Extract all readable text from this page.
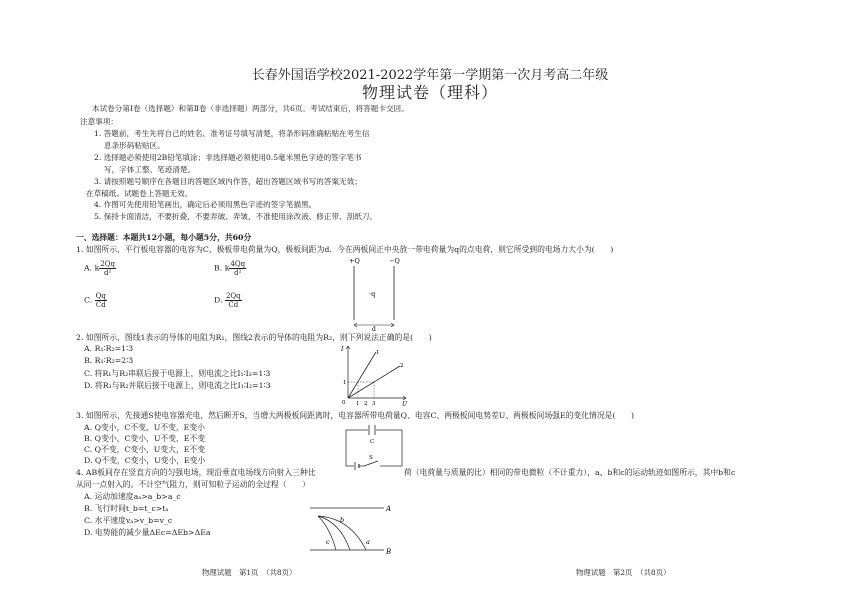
长春外国语学校2021-2022学年第一学期第一次月考高二年级
物理试卷（理科）
本试卷分第Ⅰ卷（选择题）和第Ⅱ卷（非选择题）两部分，共6页。考试结束后，将答题卡交回。
注意事项：
1. 答题前，考生先将自己的姓名、准考证号填写清楚，将条形码准确粘贴在考生信
息条形码粘贴区。
2. 选择题必须使用2B铅笔填涂；非选择题必须使用0.5毫米黑色字迹的签字笔书
写，字体工整、笔迹清楚。
3. 请按照题号顺序在各题目的答题区域内作答，超出答题区域书写的答案无效；
在草稿纸、试题卷上答题无效。
4. 作图可先使用铅笔画出，确定后必须用黑色字迹的签字笔描黑。
5. 保持卡面清洁，不要折叠，不要弄破、弄皱，不准使用涂改液、修正带、刮纸刀。
一、选择题：本题共12小题，每小题5分，共60分
1. 如图所示，平行板电容器的电容为C，极板带电荷量为Q，极板间距为d．今在两板间正中央放一带电荷量为q的点电荷，则它所受到的电场力大小为(　　)
A. k $\frac{2Qq}{\text{d²}}$	B. k $\frac{4Qq}{\text{d²}}$
C. $\frac{Qq}{Cd}$	D. $\frac{2Qq}{Cd}$
+Q	−Q
·q
d
2. 如图所示，图线1表示的导体的电阻为R₁，图线2表示的导体的电阻为R₂，则下列说法正确的是(　　)
A. R₁∶R₂=1∶3
B. R₁∶R₂=2∶3
C. 将R₁与R₂串联后接于电源上，则电流之比I₁∶I₂=1∶3
D. 将R₁与R₂并联后接于电源上，则电流之比I₁∶I₂=1∶3
I
U
0
1
1 2 3
1
2
3. 如图所示，先接通S使电容器充电，然后断开S，当增大两极板间距离时，电容器所带电荷量Q、电容C、两极板间电势差U、两极板间场强E的变化情况是(　　)
A. Q变小，C不变，U不变，E变小
B. Q变小，C变小，U不变，E不变
C. Q不变，C变小，U变大，E不变
D. Q不变，C变小，U变小，E变小
C
S
4. AB板间存在竖直方向的匀强电场，现沿垂直电场线方向射入三种比	荷（电荷量与质量的比）相同的带电微粒（不计重力），a、b和c的运动轨迹如图所示，其中b和c
从同一点射入的。不计空气阻力，则可知粒子运动的全过程（　　）
A. 运动加速度aₐ>a_b>a_c
B. 飞行时间t_b=t_c>tₐ
C. 水平速度vₐ>v_b=v_c
D. 电势能的减少量ΔEc=ΔEb>ΔEa
A
B
a
b
c
物理试题　第1页　（共8页）	物理试题　第2页　（共8页）
